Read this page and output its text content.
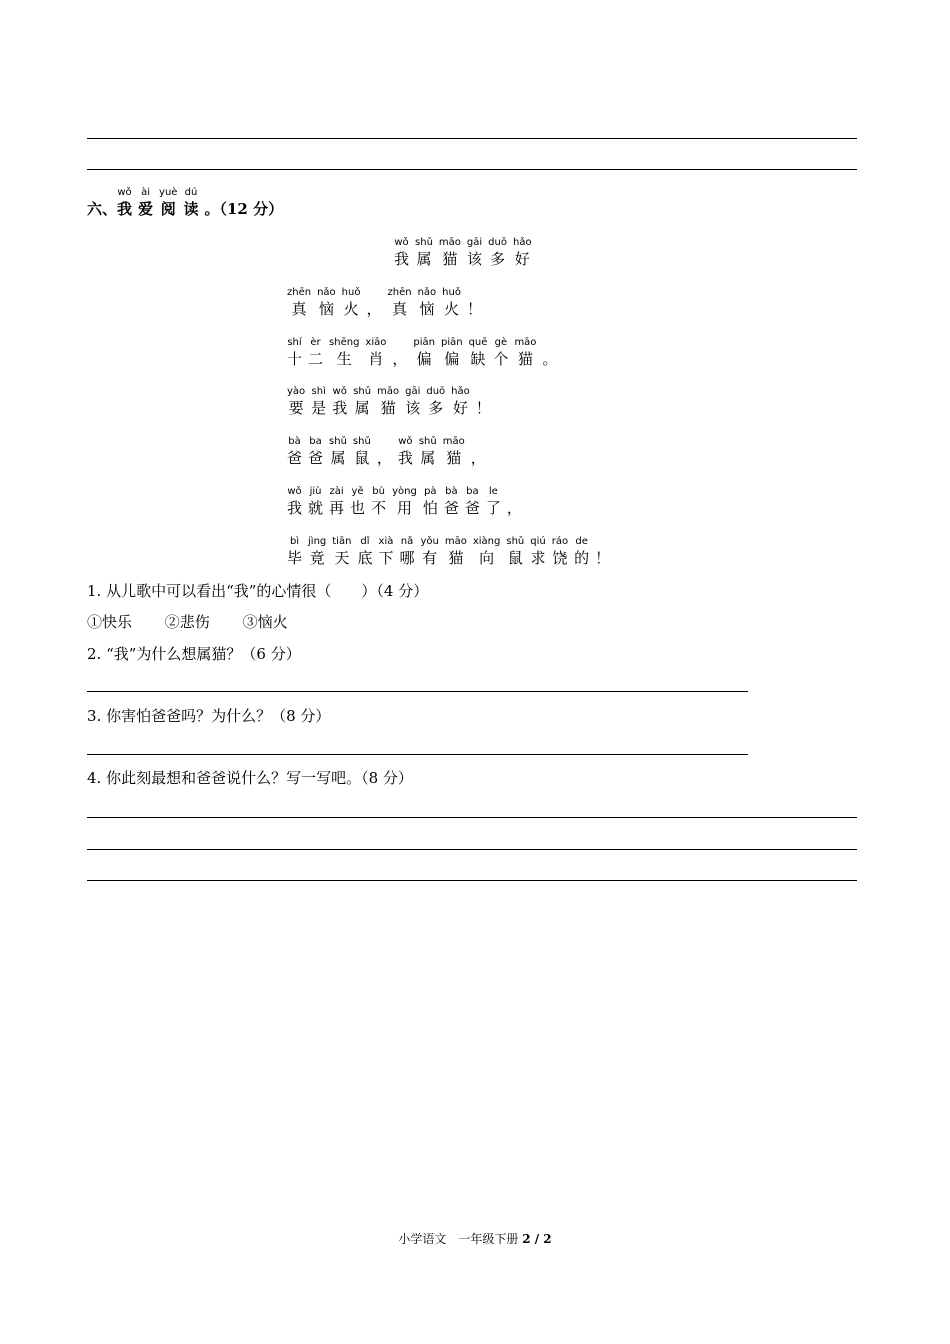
六、
wǒ
我
ài
爱
yuè
阅
dú
读 。（12 分）
wǒ
我
shǔ
属
māo
猫
gāi
该
duō
多
hǎo
好
zhēn
真
nǎo
恼
huǒ
火 ，
zhēn
真
nǎo
恼
huǒ
火 ！
shí
十
èr
二
shēng
生
xiāo
肖 ，
piān
偏
piān
偏
quē
缺
gè
个
māo
猫 。
yào
要
shì
是
wǒ
我
shǔ
属
māo
猫
gāi
该
duō
多
hǎo
好 ！
bà
爸
ba
爸
shǔ
属
shǔ
鼠 ，
wǒ
我
shǔ
属
māo
猫 ，
wǒ
我
jiù
就
zài
再
yě
也
bù
不
yòng
用
pà
怕
bà
爸
ba
爸
le
了 ，
bì
毕
jìng
竟
tiān
天
dǐ
底
xià
下
nǎ
哪
yǒu
有
māo
猫
xiàng
向
shǔ
鼠
qiú
求
ráo
饶
de
的 ！
1. 从儿歌中可以看出“我”的心情很（　　）（4 分）
①快乐 ②悲伤 ③恼火
2. “我”为什么想属猫？（6 分）
3. 你害怕爸爸吗？为什么？（8 分）
4. 你此刻最想和爸爸说什么？写一写吧。（8 分）
小学语文　一年级下册 2 / 2
